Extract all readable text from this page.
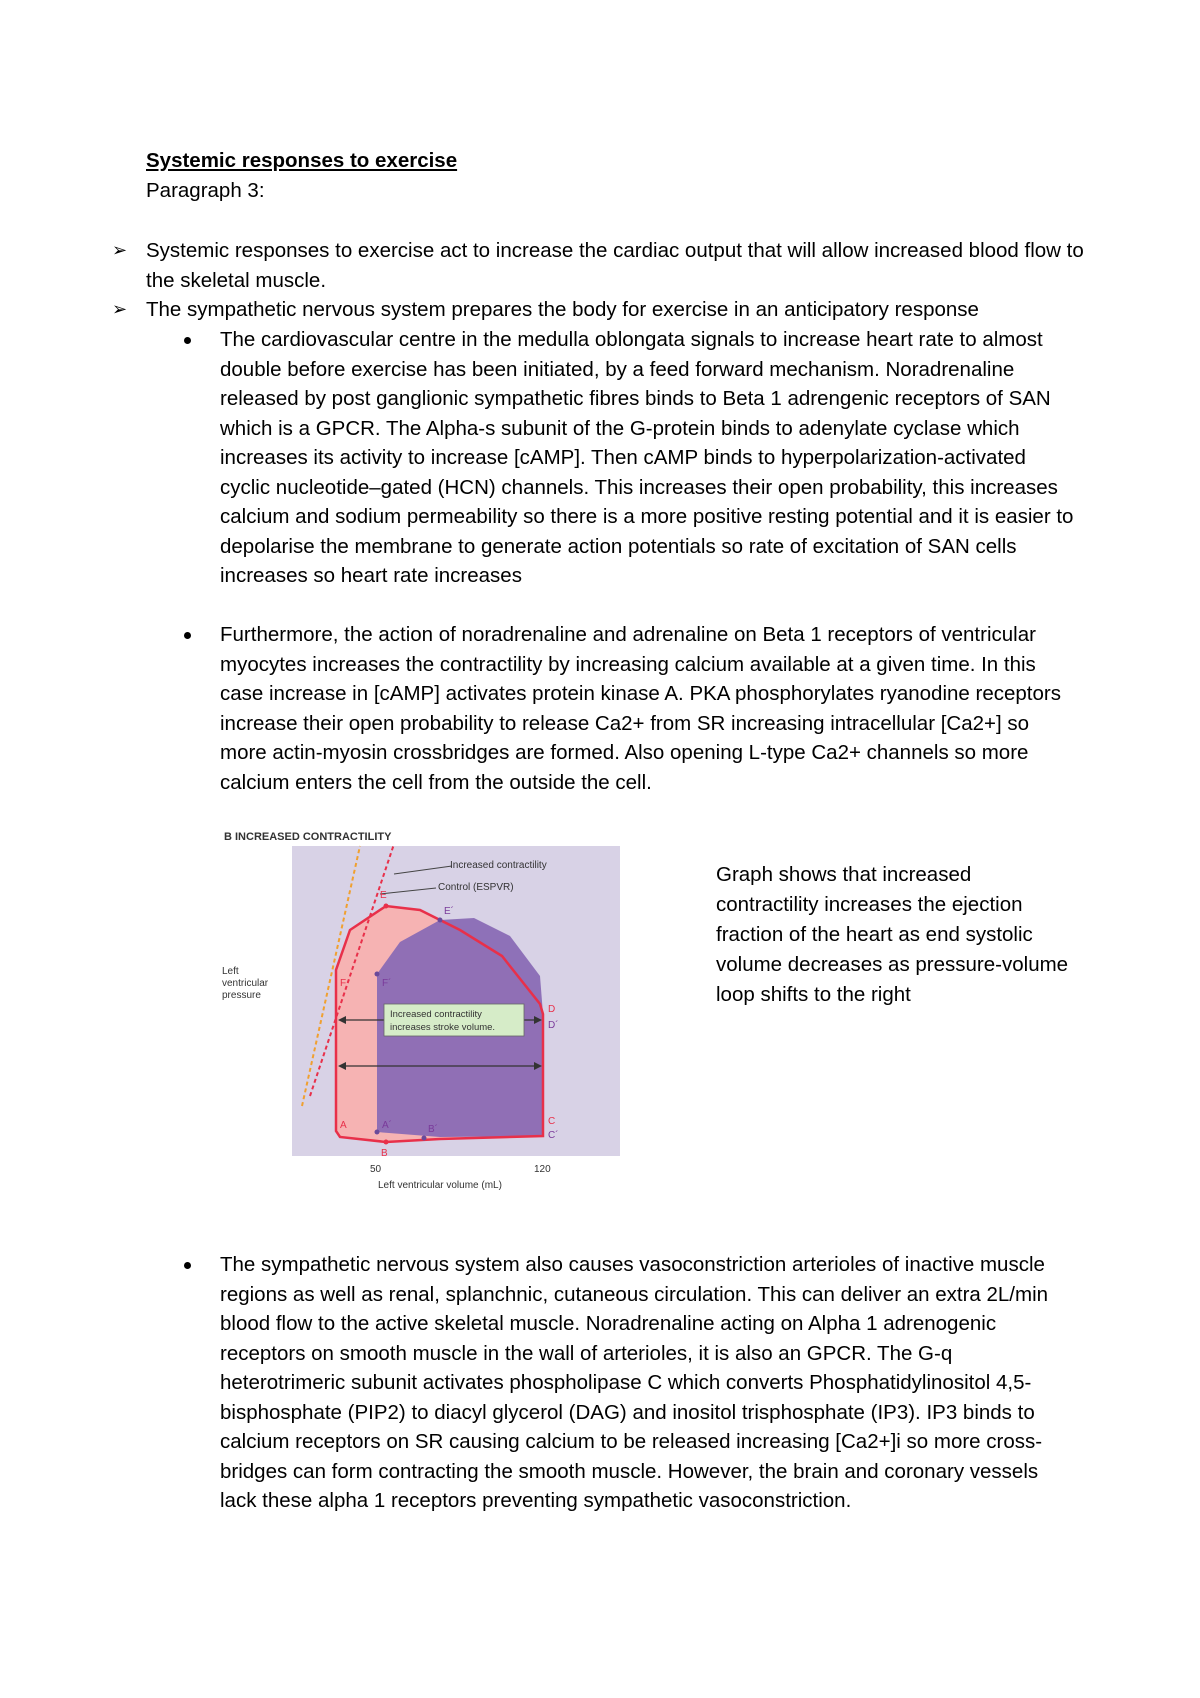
Systemic responses to exercise
Paragraph 3:
➢ Systemic responses to exercise act to increase the cardiac output that will allow increased blood flow to the skeletal muscle.
➢ The sympathetic nervous system prepares the body for exercise in an anticipatory response
The cardiovascular centre in the medulla oblongata signals to increase heart rate to almost double before exercise has been initiated, by a feed forward mechanism. Noradrenaline released by post ganglionic sympathetic fibres binds to Beta 1 adrengenic receptors of SAN which is a GPCR. The Alpha-s subunit of the G-protein binds to adenylate cyclase which increases its activity to increase [cAMP]. Then cAMP binds to hyperpolarization-activated cyclic nucleotide–gated (HCN) channels. This increases their open probability, this increases calcium and sodium permeability so there is a more positive resting potential and it is easier to depolarise the membrane to generate action potentials so rate of excitation of SAN cells increases so heart rate increases
Furthermore, the action of noradrenaline and adrenaline on Beta 1 receptors of ventricular myocytes increases the contractility by increasing calcium available at a given time. In this case increase in [cAMP] activates protein kinase A. PKA phosphorylates ryanodine receptors increase their open probability to release Ca2+ from SR increasing intracellular [Ca2+] so more actin-myosin crossbridges are formed. Also opening L-type Ca2+ channels so more calcium enters the cell from the outside the cell.
B INCREASED CONTRACTILITY
Increased contractility
Control (ESPVR)
Increased contractility
increases stroke volume.
E
E´
F	F´
D
D´
A	A´
B
B´
C
C´
Left
ventricular
pressure
50	120
Left ventricular volume (mL)
Graph shows that increased contractility increases the ejection fraction of the heart as end systolic volume decreases as pressure-volume loop shifts to the right
The sympathetic nervous system also causes vasoconstriction arterioles of inactive muscle regions as well as renal, splanchnic, cutaneous circulation. This can deliver an extra 2L/min blood flow to the active skeletal muscle. Noradrenaline acting on Alpha 1 adrenogenic receptors on smooth muscle in the wall of arterioles, it is also an GPCR. The G-q heterotrimeric subunit activates phospholipase C which converts Phosphatidylinositol 4,5-bisphosphate (PIP2) to diacyl glycerol (DAG) and inositol trisphosphate (IP3). IP3 binds to calcium receptors on SR causing calcium to be released increasing [Ca2+]i so more cross-bridges can form contracting the smooth muscle. However, the brain and coronary vessels lack these alpha 1 receptors preventing sympathetic vasoconstriction.
